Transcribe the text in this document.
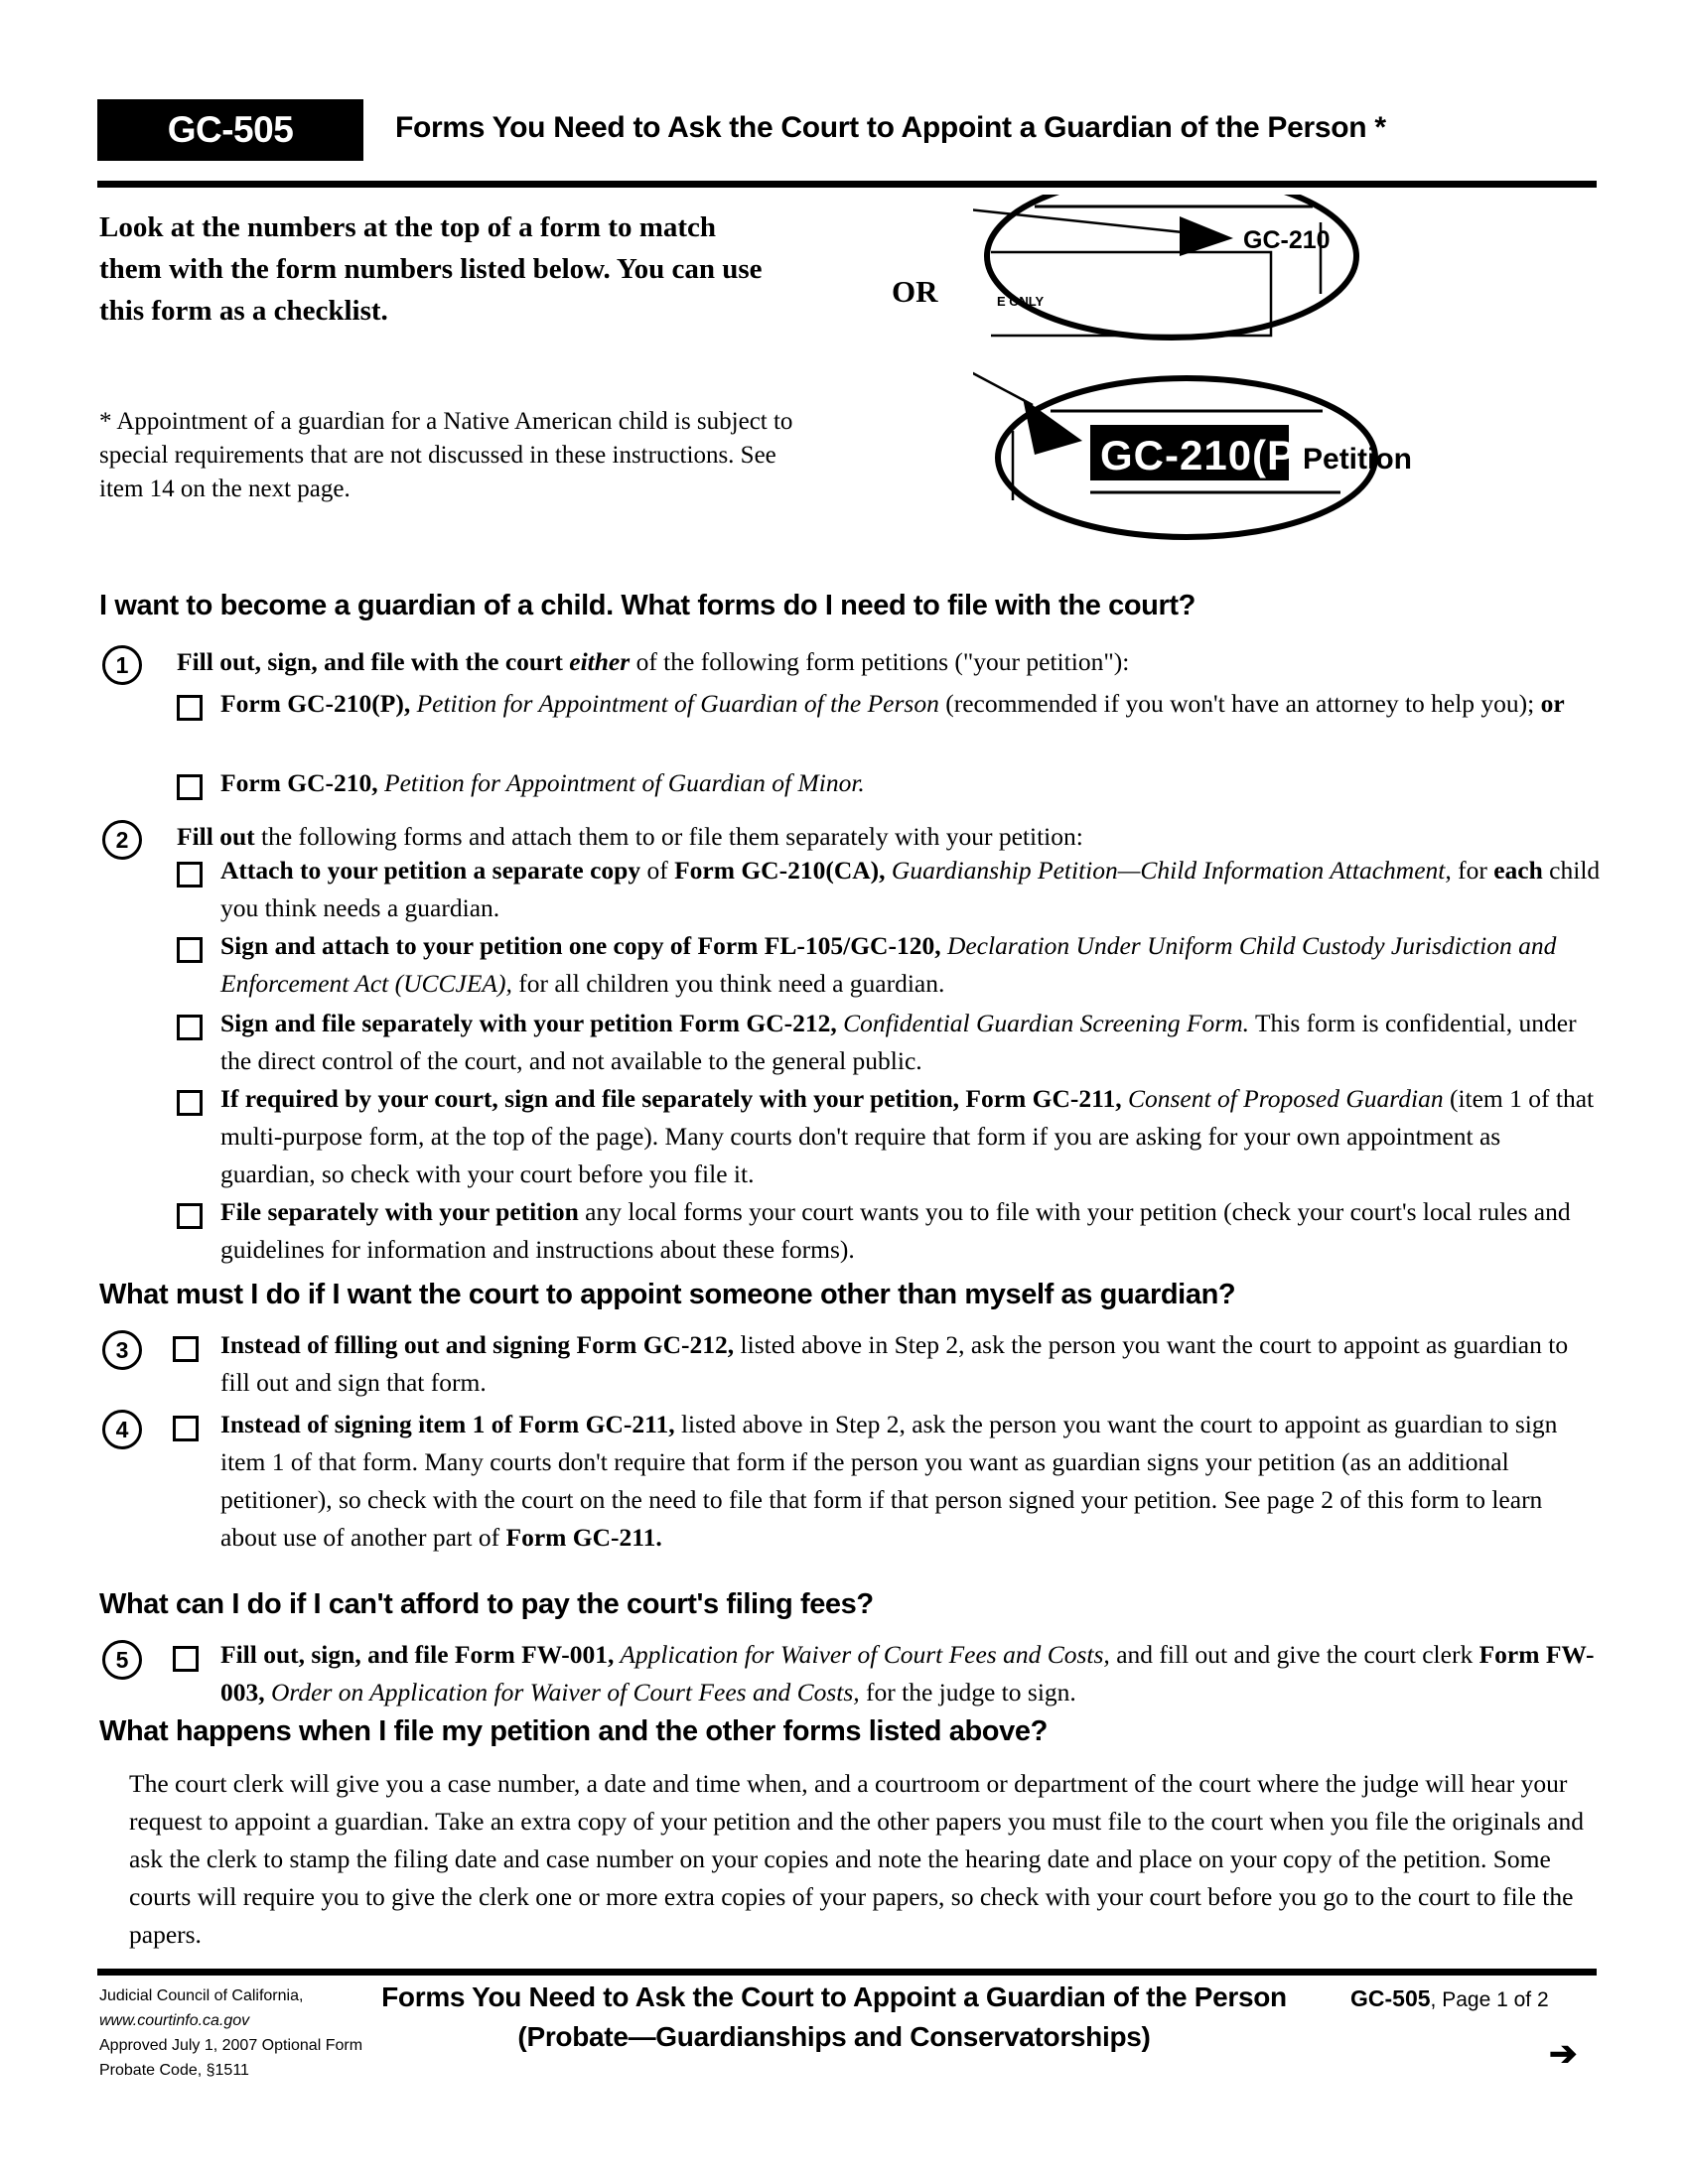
GC-505	Forms You Need to Ask the Court to Appoint a Guardian of the Person *
Look at the numbers at the top of a form to match them with the form numbers listed below. You can use this form as a checklist.
* Appointment of a guardian for a Native American child is subject to special requirements that are not discussed in these instructions. See item 14 on the next page.
OR
GC-210
E ONLY
GC-210(P)
Petition
I want to become a guardian of a child. What forms do I need to file with the court?
1	Fill out, sign, and file with the court either of the following form petitions ("your petition"):
Form GC-210(P), Petition for Appointment of Guardian of the Person (recommended if you won't have an attorney to help you); or
Form GC-210, Petition for Appointment of Guardian of Minor.
2	Fill out the following forms and attach them to or file them separately with your petition:
Attach to your petition a separate copy of Form GC-210(CA), Guardianship Petition—Child Information Attachment, for each child you think needs a guardian.
Sign and attach to your petition one copy of Form FL-105/GC-120, Declaration Under Uniform Child Custody Jurisdiction and Enforcement Act (UCCJEA), for all children you think need a guardian.
Sign and file separately with your petition Form GC-212, Confidential Guardian Screening Form. This form is confidential, under the direct control of the court, and not available to the general public.
If required by your court, sign and file separately with your petition, Form GC-211, Consent of Proposed Guardian (item 1 of that multi-purpose form, at the top of the page). Many courts don't require that form if you are asking for your own appointment as guardian, so check with your court before you file it.
File separately with your petition any local forms your court wants you to file with your petition (check your court's local rules and guidelines for information and instructions about these forms).
What must I do if I want the court to appoint someone other than myself as guardian?
3	Instead of filling out and signing Form GC-212, listed above in Step 2, ask the person you want the court to appoint as guardian to fill out and sign that form.
4	Instead of signing item 1 of Form GC-211, listed above in Step 2, ask the person you want the court to appoint as guardian to sign item 1 of that form. Many courts don't require that form if the person you want as guardian signs your petition (as an additional petitioner), so check with the court on the need to file that form if that person signed your petition. See page 2 of this form to learn about use of another part of Form GC-211.
What can I do if I can't afford to pay the court's filing fees?
5	Fill out, sign, and file Form FW-001, Application for Waiver of Court Fees and Costs, and fill out and give the court clerk Form FW-003, Order on Application for Waiver of Court Fees and Costs, for the judge to sign.
What happens when I file my petition and the other forms listed above?
The court clerk will give you a case number, a date and time when, and a courtroom or department of the court where the judge will hear your request to appoint a guardian. Take an extra copy of your petition and the other papers you must file to the court when you file the originals and ask the clerk to stamp the filing date and case number on your copies and note the hearing date and place on your copy of the petition. Some courts will require you to give the clerk one or more extra copies of your papers, so check with your court before you go to the court to file the papers.
Judicial Council of California,
www.courtinfo.ca.gov
Approved July 1, 2007 Optional Form
Probate Code, §1511
Forms You Need to Ask the Court to Appoint a Guardian of the Person
(Probate—Guardianships and Conservatorships)
GC-505, Page 1 of 2
➔
